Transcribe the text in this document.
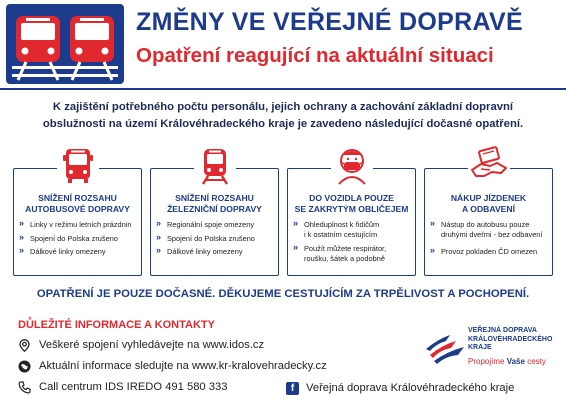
ZMĚNY VE VEŘEJNÉ DOPRAVĚ
Opatření reagující na aktuální situaci
K zajištění potřebného počtu personálu, jejich ochrany a zachování základní dopravní
obslužnosti na území Královéhradeckého kraje je zavedeno následující dočasné opatření.
SNÍŽENÍ ROZSAHU
AUTOBUSOVÉ DOPRAVY
» Linky v režimu letních prázdnin
» Spojení do Polska zrušeno
» Dálkové linky omezeny
SNÍŽENÍ ROZSAHU
ŽELEZNIČNÍ DOPRAVY
» Regionální spoje omezeny
» Spojení do Polska zrušeno
» Dálkové linky omezeny
DO VOZIDLA POUZE
SE ZAKRYTÝM OBLIČEJEM
» Ohleduplnost k řidičům
i k ostatním cestujícím
» Použít můžete respirátor,
roušku, šátek a podobně
NÁKUP JÍZDENEK
A ODBAVENÍ
» Nástup do autobusu pouze
druhými dveřmi - bez odbavení
» Provoz pokladen ČD omezen
OPATŘENÍ JE POUZE DOČASNÉ. DĚKUJEME CESTUJÍCÍM ZA TRPĚLIVOST A POCHOPENÍ.
DŮLEŽITÉ INFORMACE A KONTAKTY
Veškeré spojení vyhledávejte na www.idos.cz
Aktuální informace sledujte na www.kr-kralovehradecky.cz
Call centrum IDS IREDO 491 580 333	f	Veřejná doprava Královéhradeckého kraje
VEŘEJNÁ DOPRAVA
KRÁLOVÉHRADECKÉHO
KRAJE
Propojíme Vaše cesty
